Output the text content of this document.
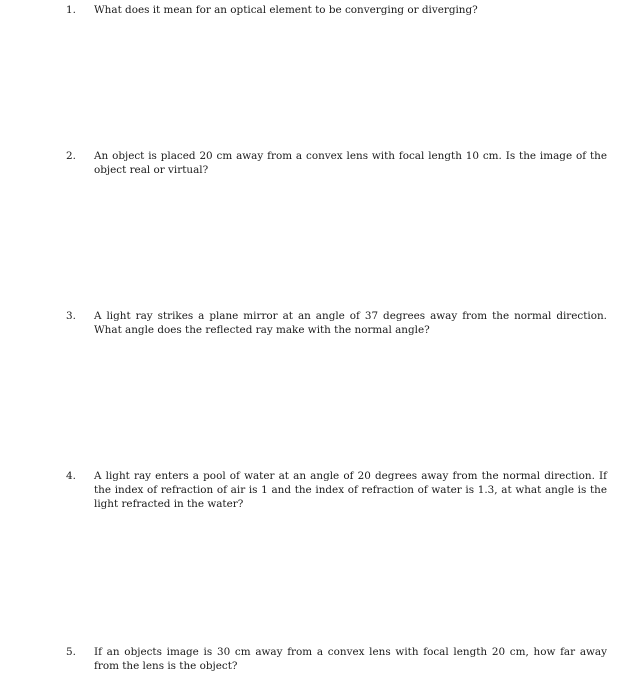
1. What does it mean for an optical element to be converging or diverging?
2. An object is placed 20 cm away from a convex lens with focal length 10 cm. Is the image of the object real or virtual?
3. A light ray strikes a plane mirror at an angle of 37 degrees away from the normal direction. What angle does the reflected ray make with the normal angle?
4. A light ray enters a pool of water at an angle of 20 degrees away from the normal direction. If the index of refraction of air is 1 and the index of refraction of water is 1.3, at what angle is the light refracted in the water?
5. If an objects image is 30 cm away from a convex lens with focal length 20 cm, how far away from the lens is the object?
